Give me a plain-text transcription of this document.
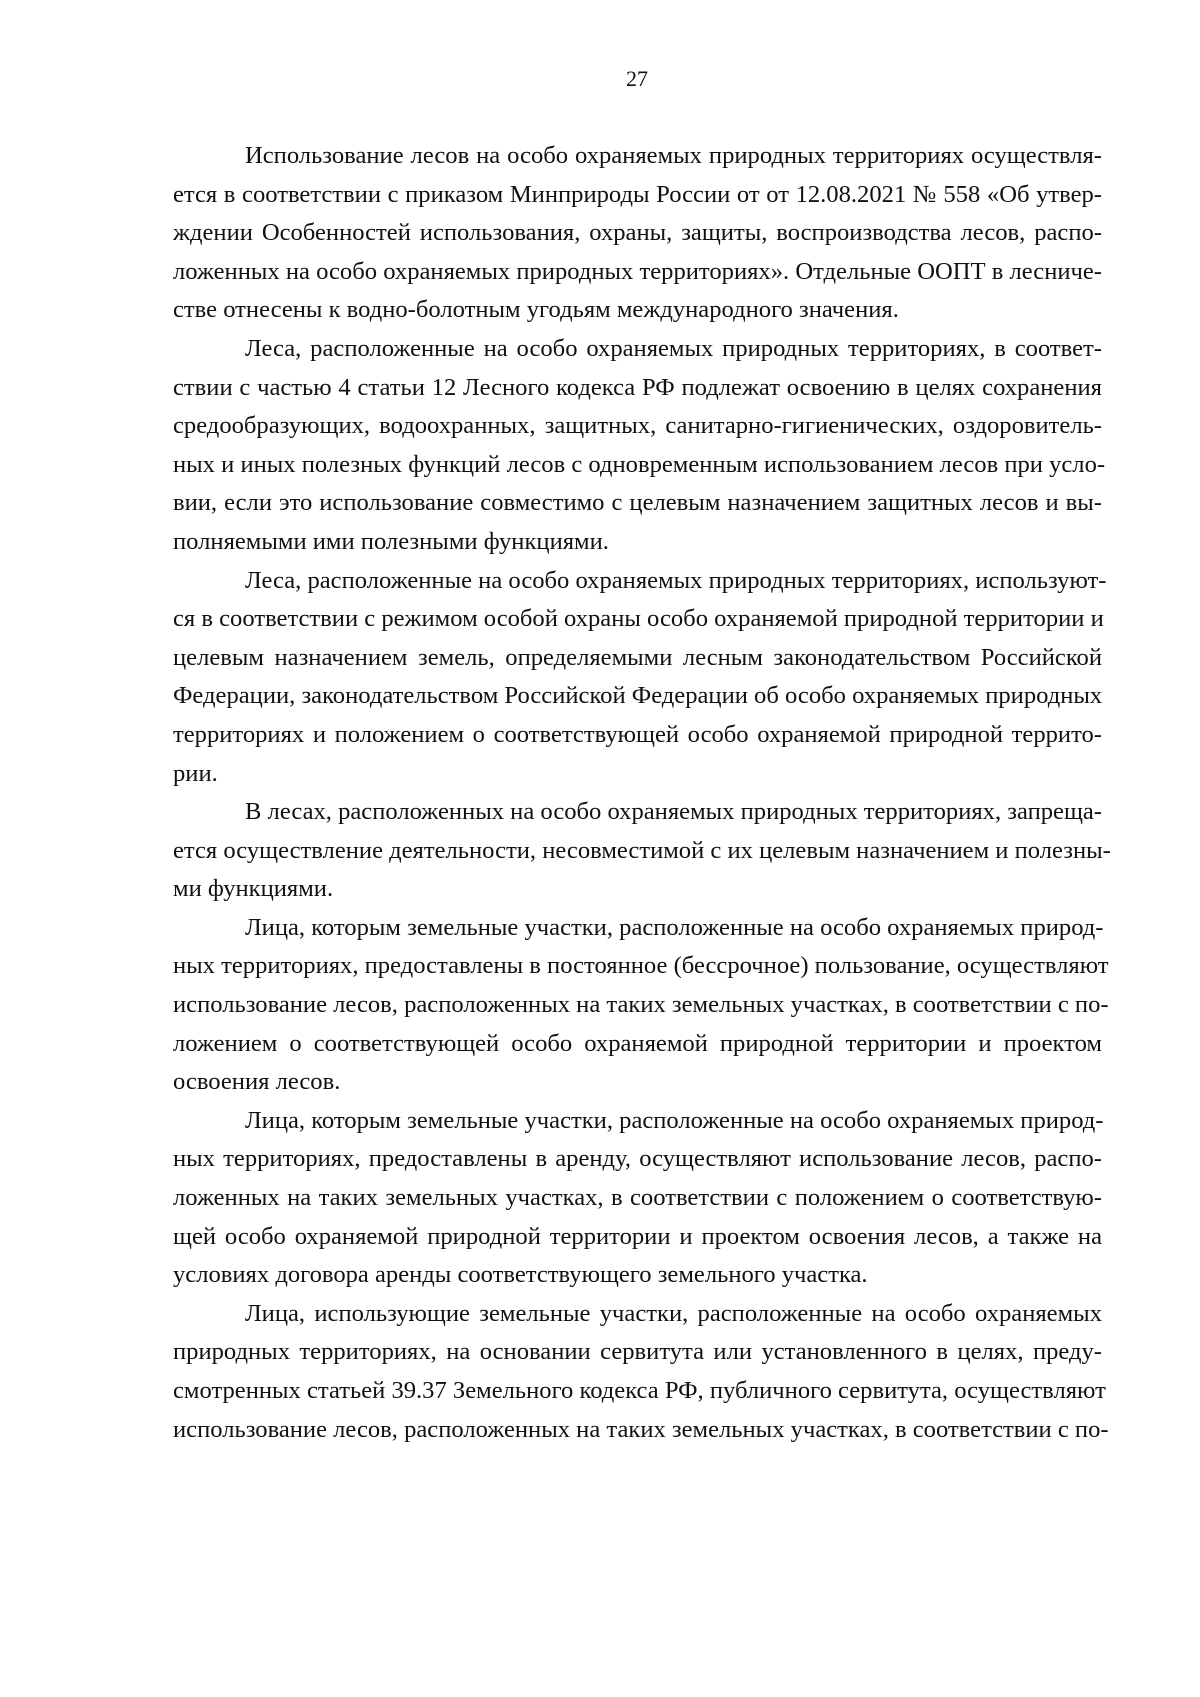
27

Использование лесов на особо охраняемых природных территориях осуществля-
ется в соответствии с приказом Минприроды России от от 12.08.2021 № 558 «Об утвер-
ждении Особенностей использования, охраны, защиты, воспроизводства лесов, распо-
ложенных на особо охраняемых природных территориях». Отдельные ООПТ в лесниче-
стве отнесены к водно-болотным угодьям международного значения.

Леса, расположенные на особо охраняемых природных территориях, в соответ-
ствии с частью 4 статьи 12 Лесного кодекса РФ подлежат освоению в целях сохранения
средообразующих, водоохранных, защитных, санитарно-гигиенических, оздоровитель-
ных и иных полезных функций лесов с одновременным использованием лесов при усло-
вии, если это использование совместимо с целевым назначением защитных лесов и вы-
полняемыми ими полезными функциями.

Леса, расположенные на особо охраняемых природных территориях, используют-
ся в соответствии с режимом особой охраны особо охраняемой природной территории и
целевым назначением земель, определяемыми лесным законодательством Российской
Федерации, законодательством Российской Федерации об особо охраняемых природных
территориях и положением о соответствующей особо охраняемой природной террито-
рии.

В лесах, расположенных на особо охраняемых природных территориях, запреща-
ется осуществление деятельности, несовместимой с их целевым назначением и полезны-
ми функциями.

Лица, которым земельные участки, расположенные на особо охраняемых природ-
ных территориях, предоставлены в постоянное (бессрочное) пользование, осуществляют
использование лесов, расположенных на таких земельных участках, в соответствии с по-
ложением о соответствующей особо охраняемой природной территории и проектом
освоения лесов.

Лица, которым земельные участки, расположенные на особо охраняемых природ-
ных территориях, предоставлены в аренду, осуществляют использование лесов, распо-
ложенных на таких земельных участках, в соответствии с положением о соответствую-
щей особо охраняемой природной территории и проектом освоения лесов, а также на
условиях договора аренды соответствующего земельного участка.

Лица, использующие земельные участки, расположенные на особо охраняемых
природных территориях, на основании сервитута или установленного в целях, преду-
смотренных статьей 39.37 Земельного кодекса РФ, публичного сервитута, осуществляют
использование лесов, расположенных на таких земельных участках, в соответствии с по-
